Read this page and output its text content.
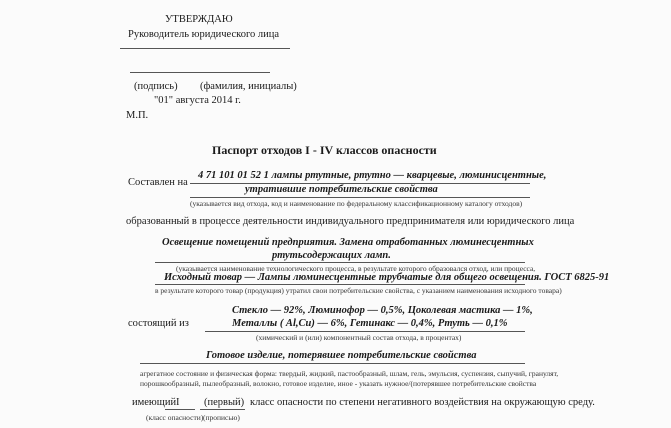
УТВЕРЖДАЮ
Руководитель юридического лица
(подпись) (фамилия, инициалы)
"01" августа 2014 г.
М.П.
Паспорт отходов I - IV классов опасности
Составлен на
4 71 101 01 52 1 лампы ртутные, ртутно — кварцевые, люминисцентные,
утратившие потребительские свойства
(указывается вид отхода, код и наименование по федеральному классификационному каталогу отходов)
образованный в процессе деятельности индивидуального предпринимателя или юридического лица
Освещение помещений предприятия. Замена отработанных люминесцентных
ртутьсодержащих ламп.
(указывается наименование технологического процесса, в результате которого образовался отход, или процесса,
Исходный товар — Лампы люминесцентные трубчатые для общего освещения. ГОСТ 6825-91
в результате которого товар (продукция) утратил свои потребительские свойства, с указанием наименования исходного товара)
состоящий из
Стекло — 92%, Люминофор — 0,5%, Цоколевая мастика — 1%,
Металлы ( Al,Cu) — 6%, Гетинакс — 0,4%, Ртуть — 0,1%
(химический и (или) компонентный состав отхода, в процентах)
Готовое изделие, потерявшее потребительские свойства
агрегатное состояние и физическая форма: твердый, жидкий, пастообразный, шлам, гель, эмульсия, суспензия, сыпучий, гранулят,
порошкообразный, пылеобразный, волокно, готовое изделие, иное - указать нужное/(потерявшее потребительские свойства
имеющий I (первый) класс опасности по степени негативного воздействия на окружающую среду.
(класс опасности) (прописью)
